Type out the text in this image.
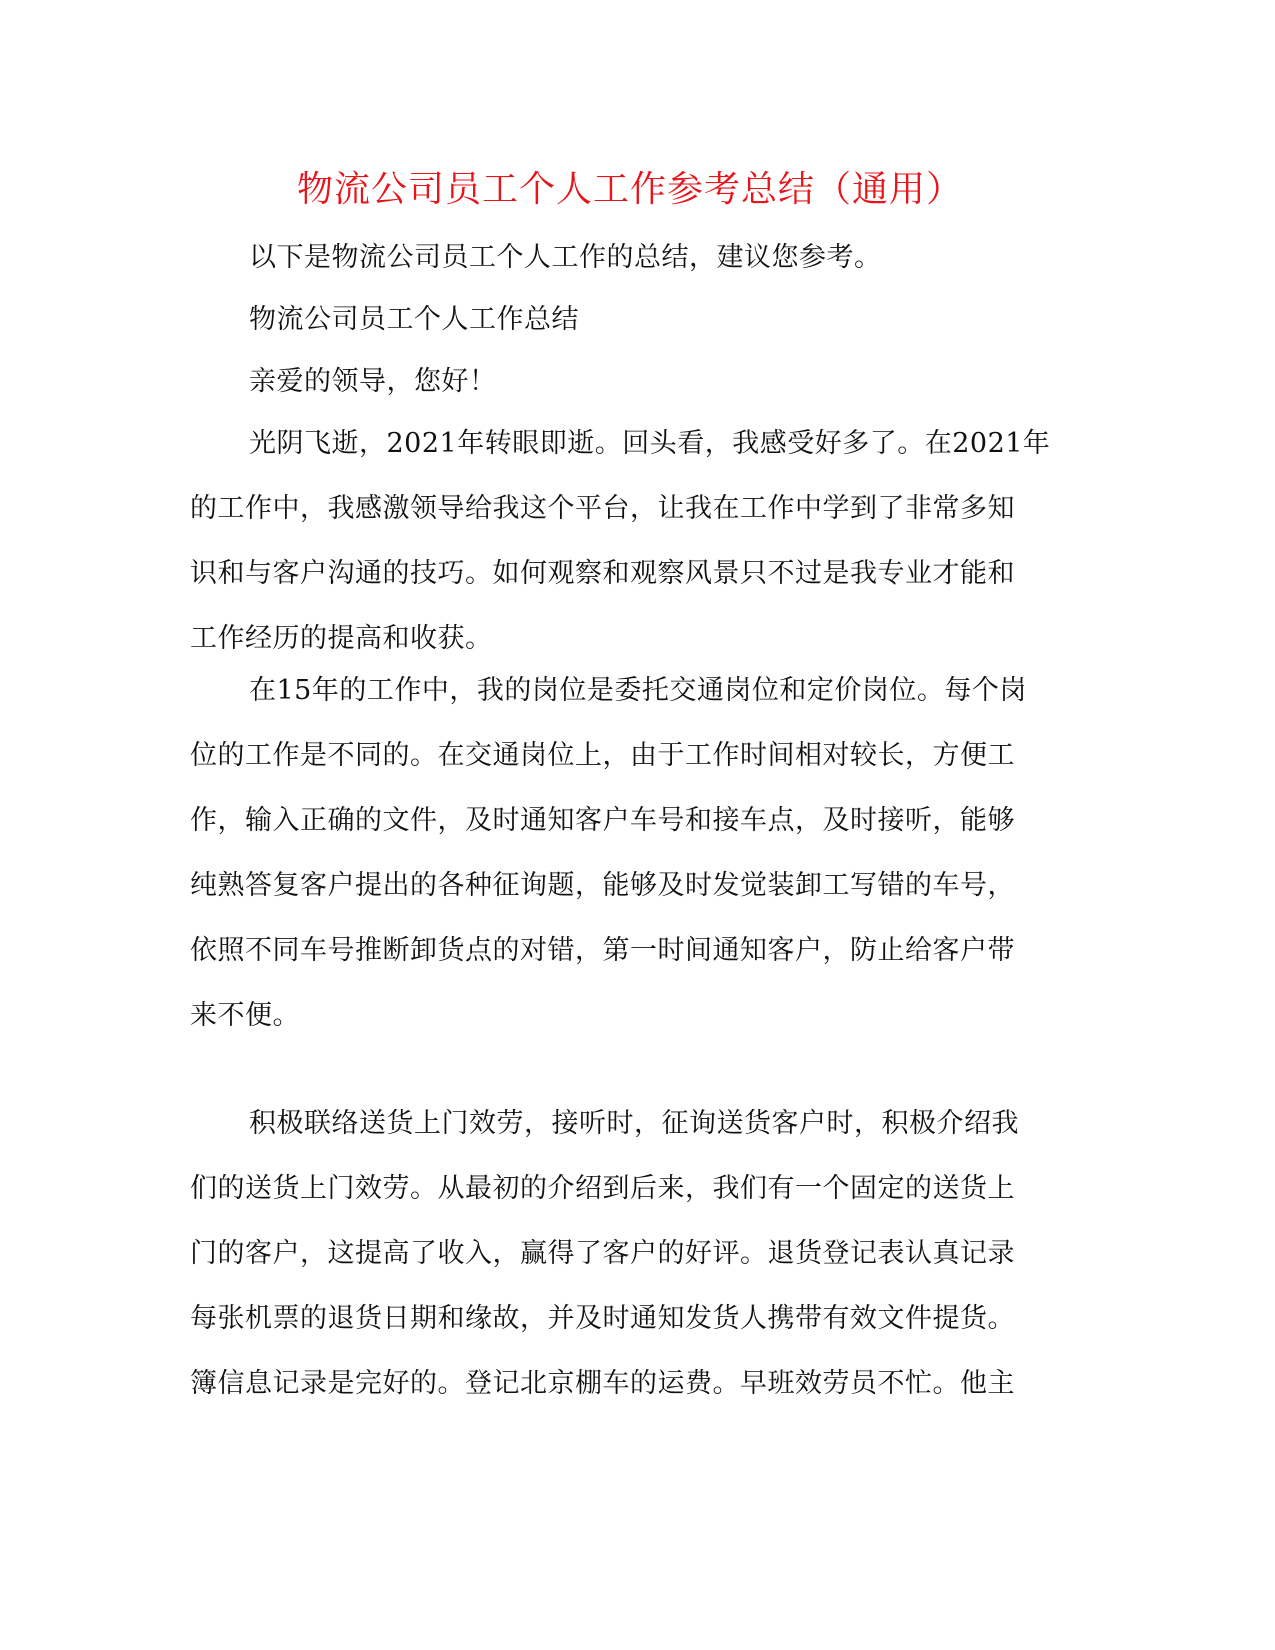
物流公司员工个人工作参考总结（通用）

以下是物流公司员工个人工作的总结，建议您参考。

物流公司员工个人工作总结

亲爱的领导，您好！

光阴飞逝，2021年转眼即逝。回头看，我感受好多了。在2021年
的工作中，我感激领导给我这个平台，让我在工作中学到了非常多知
识和与客户沟通的技巧。如何观察和观察风景只不过是我专业才能和
工作经历的提高和收获。

在15年的工作中，我的岗位是委托交通岗位和定价岗位。每个岗
位的工作是不同的。在交通岗位上，由于工作时间相对较长，方便工
作，输入正确的文件，及时通知客户车号和接车点，及时接听，能够
纯熟答复客户提出的各种征询题，能够及时发觉装卸工写错的车号，
依照不同车号推断卸货点的对错，第一时间通知客户，防止给客户带
来不便。

积极联络送货上门效劳，接听时，征询送货客户时，积极介绍我
们的送货上门效劳。从最初的介绍到后来，我们有一个固定的送货上
门的客户，这提高了收入，赢得了客户的好评。退货登记表认真记录
每张机票的退货日期和缘故，并及时通知发货人携带有效文件提货。
簿信息记录是完好的。登记北京棚车的运费。早班效劳员不忙。他主
